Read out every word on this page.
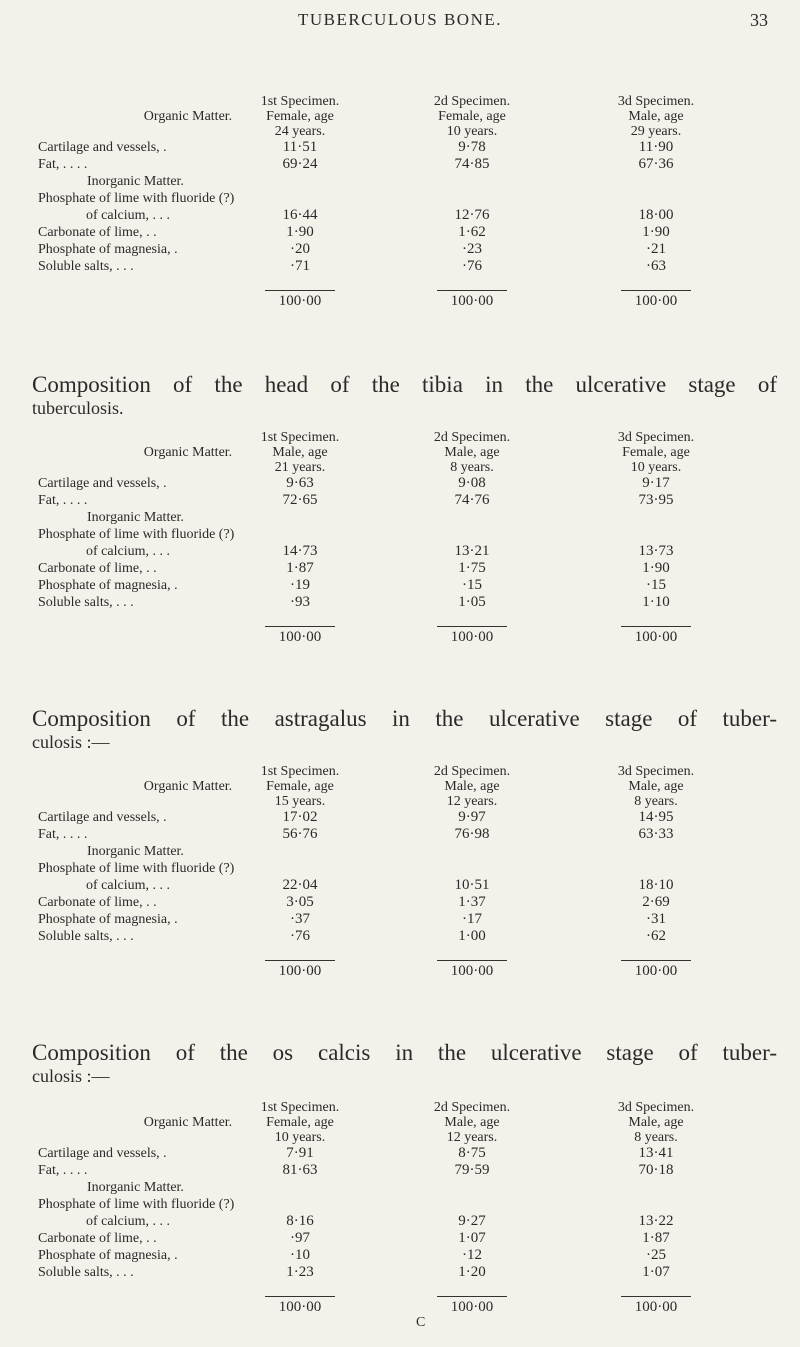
TUBERCULOUS BONE.	33
1st Specimen.	2d Specimen.	3d Specimen.
Organic Matter.	Female, age	Female, age	Male, age
24 years.	10 years.	29 years.
Cartilage and vessels, .	11·51	9·78	11·90
Fat, . . . .	69·24	74·85	67·36
Inorganic Matter.
Phosphate of lime with fluoride (?)
of calcium, . . .	16·44	12·76	18·00
Carbonate of lime, . .	1·90	1·62	1·90
Phosphate of magnesia, .	·20	·23	·21
Soluble salts, . . .	·71	·76	·63
100·00	100·00	100·00
Composition of the head of the tibia in the ulcerative stage of
tuberculosis.
1st Specimen.	2d Specimen.	3d Specimen.
Organic Matter.	Male, age	Male, age	Female, age
21 years.	8 years.	10 years.
Cartilage and vessels, .	9·63	9·08	9·17
Fat, . . . .	72·65	74·76	73·95
Inorganic Matter.
Phosphate of lime with fluoride (?)
of calcium, . . .	14·73	13·21	13·73
Carbonate of lime, . .	1·87	1·75	1·90
Phosphate of magnesia, .	·19	·15	·15
Soluble salts, . . .	·93	1·05	1·10
100·00	100·00	100·00
Composition of the astragalus in the ulcerative stage of tuber-
culosis :—
1st Specimen.	2d Specimen.	3d Specimen.
Organic Matter.	Female, age	Male, age	Male, age
15 years.	12 years.	8 years.
Cartilage and vessels, .	17·02	9·97	14·95
Fat, . . . .	56·76	76·98	63·33
Inorganic Matter.
Phosphate of lime with fluoride (?)
of calcium, . . .	22·04	10·51	18·10
Carbonate of lime, . .	3·05	1·37	2·69
Phosphate of magnesia, .	·37	·17	·31
Soluble salts, . . .	·76	1·00	·62
100·00	100·00	100·00
Composition of the os calcis in the ulcerative stage of tuber-
culosis :—
1st Specimen.	2d Specimen.	3d Specimen.
Organic Matter.	Female, age	Male, age	Male, age
10 years.	12 years.	8 years.
Cartilage and vessels, .	7·91	8·75	13·41
Fat, . . . .	81·63	79·59	70·18
Inorganic Matter.
Phosphate of lime with fluoride (?)
of calcium, . . .	8·16	9·27	13·22
Carbonate of lime, . .	·97	1·07	1·87
Phosphate of magnesia, .	·10	·12	·25
Soluble salts, . . .	1·23	1·20	1·07
100·00	100·00	100·00
C
